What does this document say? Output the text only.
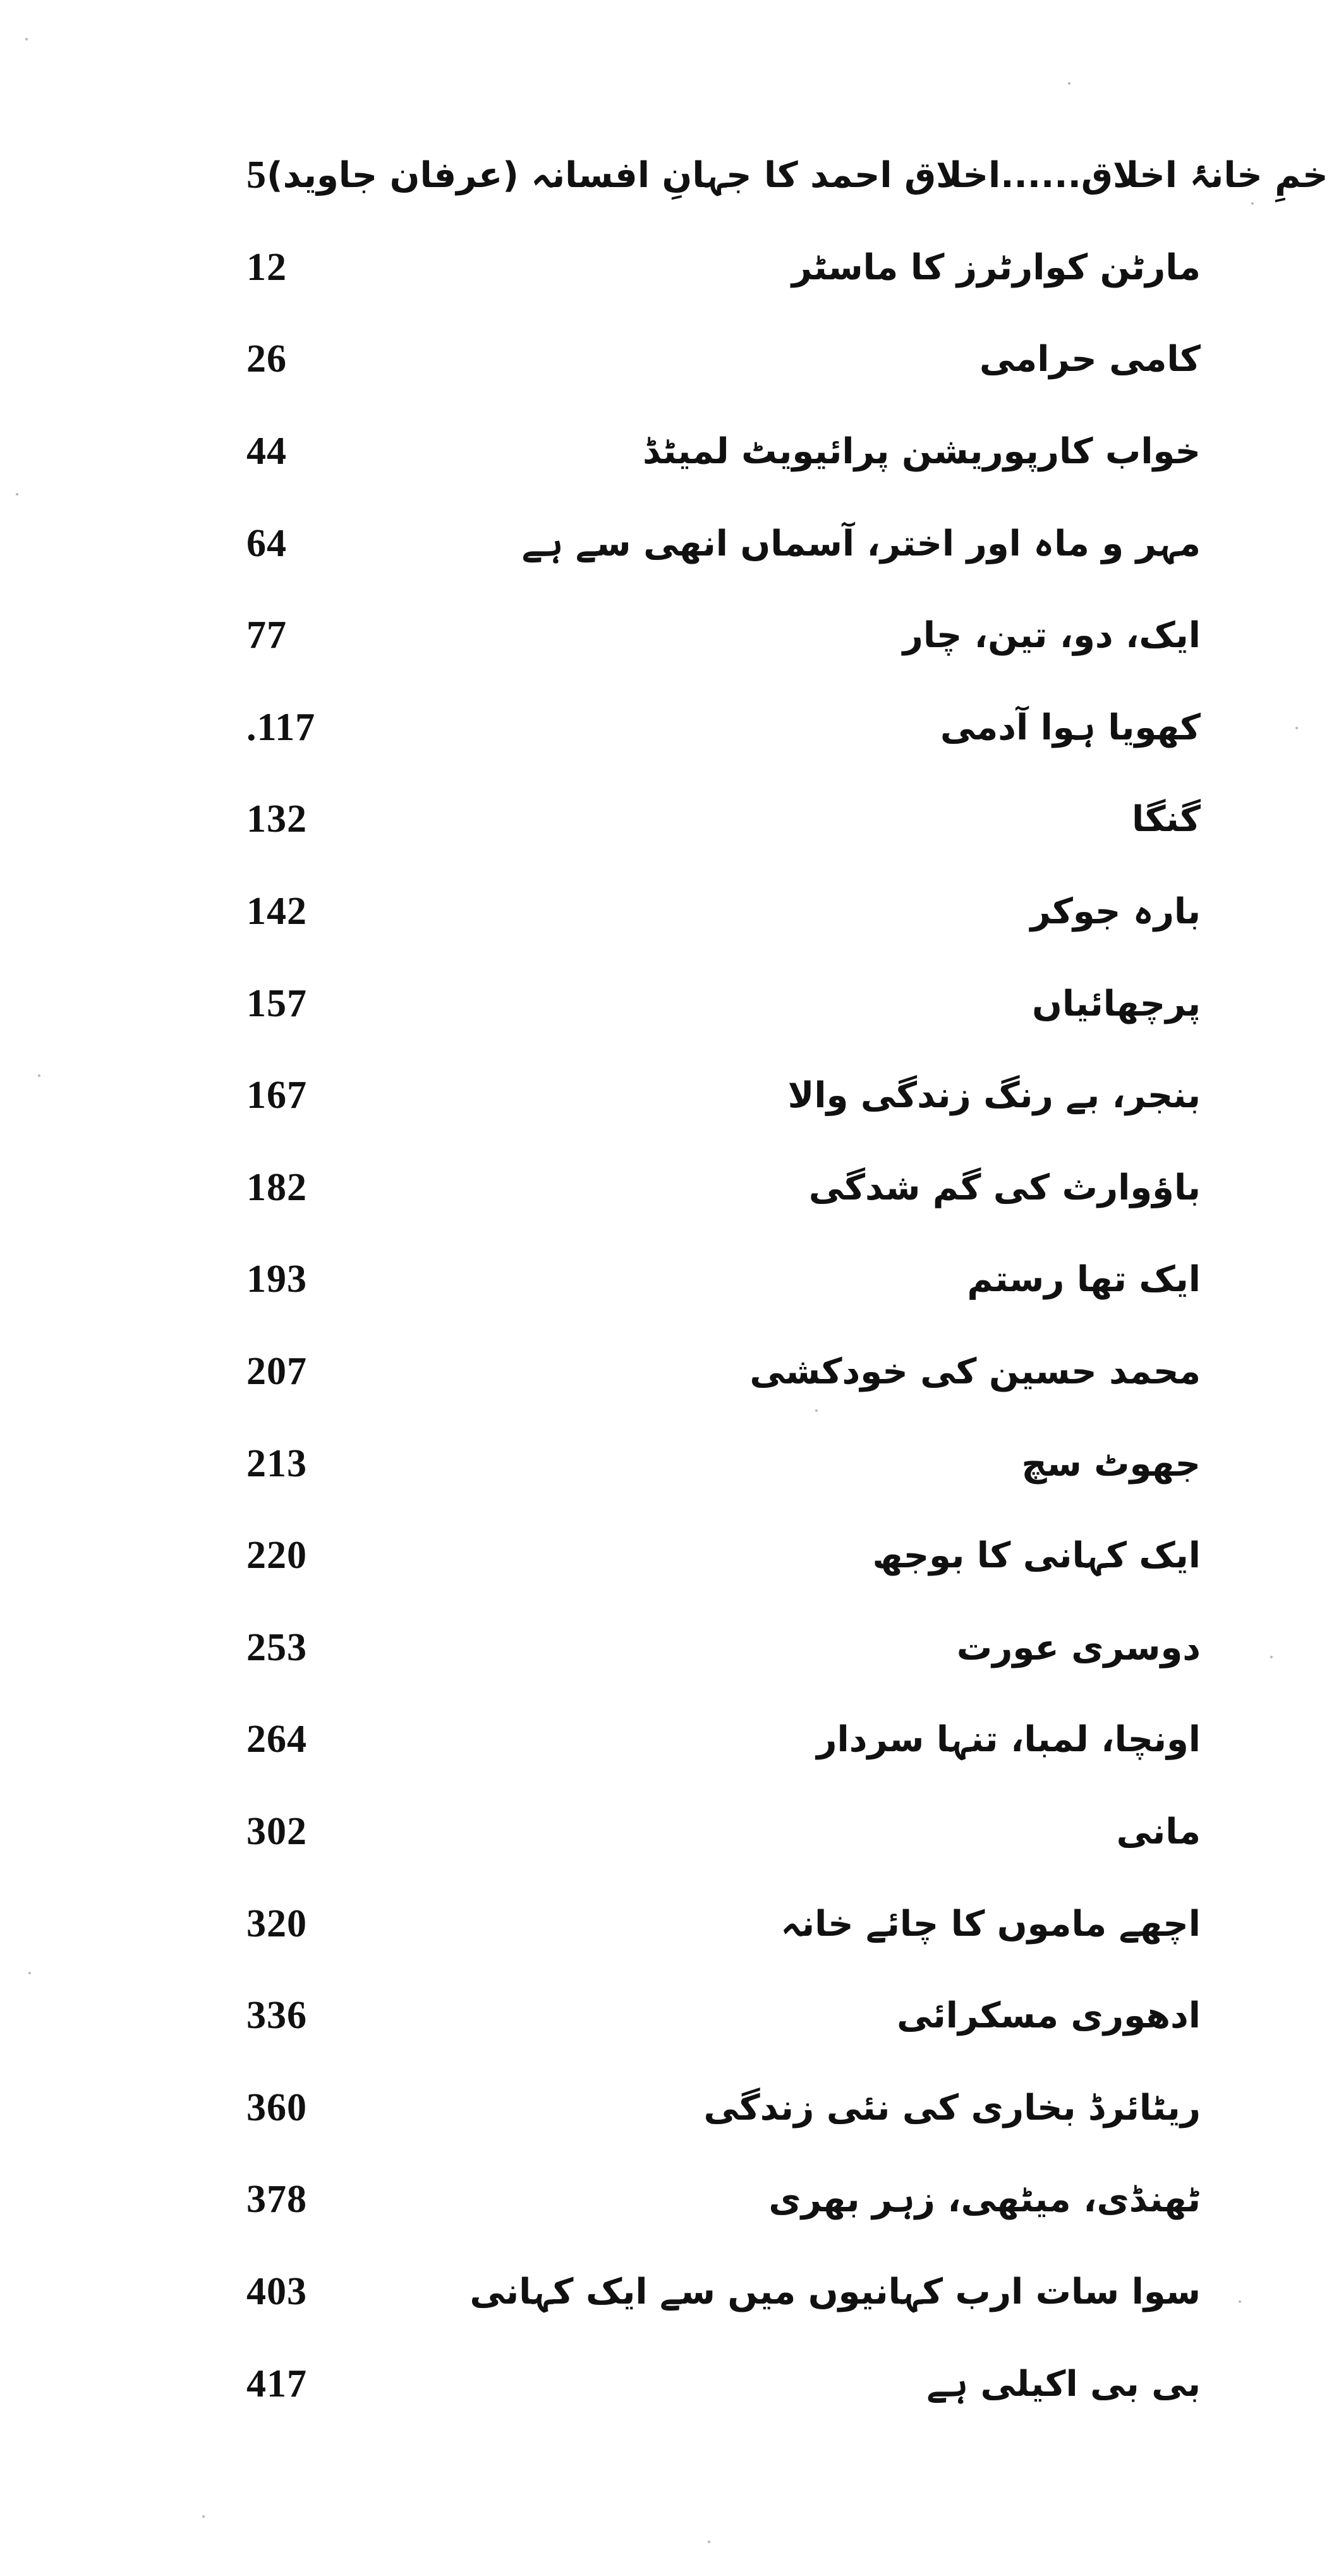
5 خمِ خانۂ اخلاق......اخلاق احمد کا جہانِ افسانہ (عرفان جاوید)
12	مارٹن کوارٹرز کا ماسٹر
26	کامی حرامی
44	خواب کارپوریشن پرائیویٹ لمیٹڈ
64	مہر و ماہ اور اختر، آسماں انھی سے ہے
77	ایک، دو، تین، چار
.117	کھویا ہوا آدمی
132	گنگا
142	بارہ جوکر
157	پرچھائیاں
167	بنجر، بے رنگ زندگی والا
182	باؤوارث کی گم شدگی
193	ایک تھا رستم
207	محمد حسین کی خودکشی
213	جھوٹ سچ
220	ایک کہانی کا بوجھ
253	دوسری عورت
264	اونچا، لمبا، تنہا سردار
302	مانی
320	اچھے ماموں کا چائے خانہ
336	ادھوری مسکرائی
360	ریٹائرڈ بخاری کی نئی زندگی
378	ٹھنڈی، میٹھی، زہر بھری
403	سوا سات ارب کہانیوں میں سے ایک کہانی
417	بی بی اکیلی ہے
